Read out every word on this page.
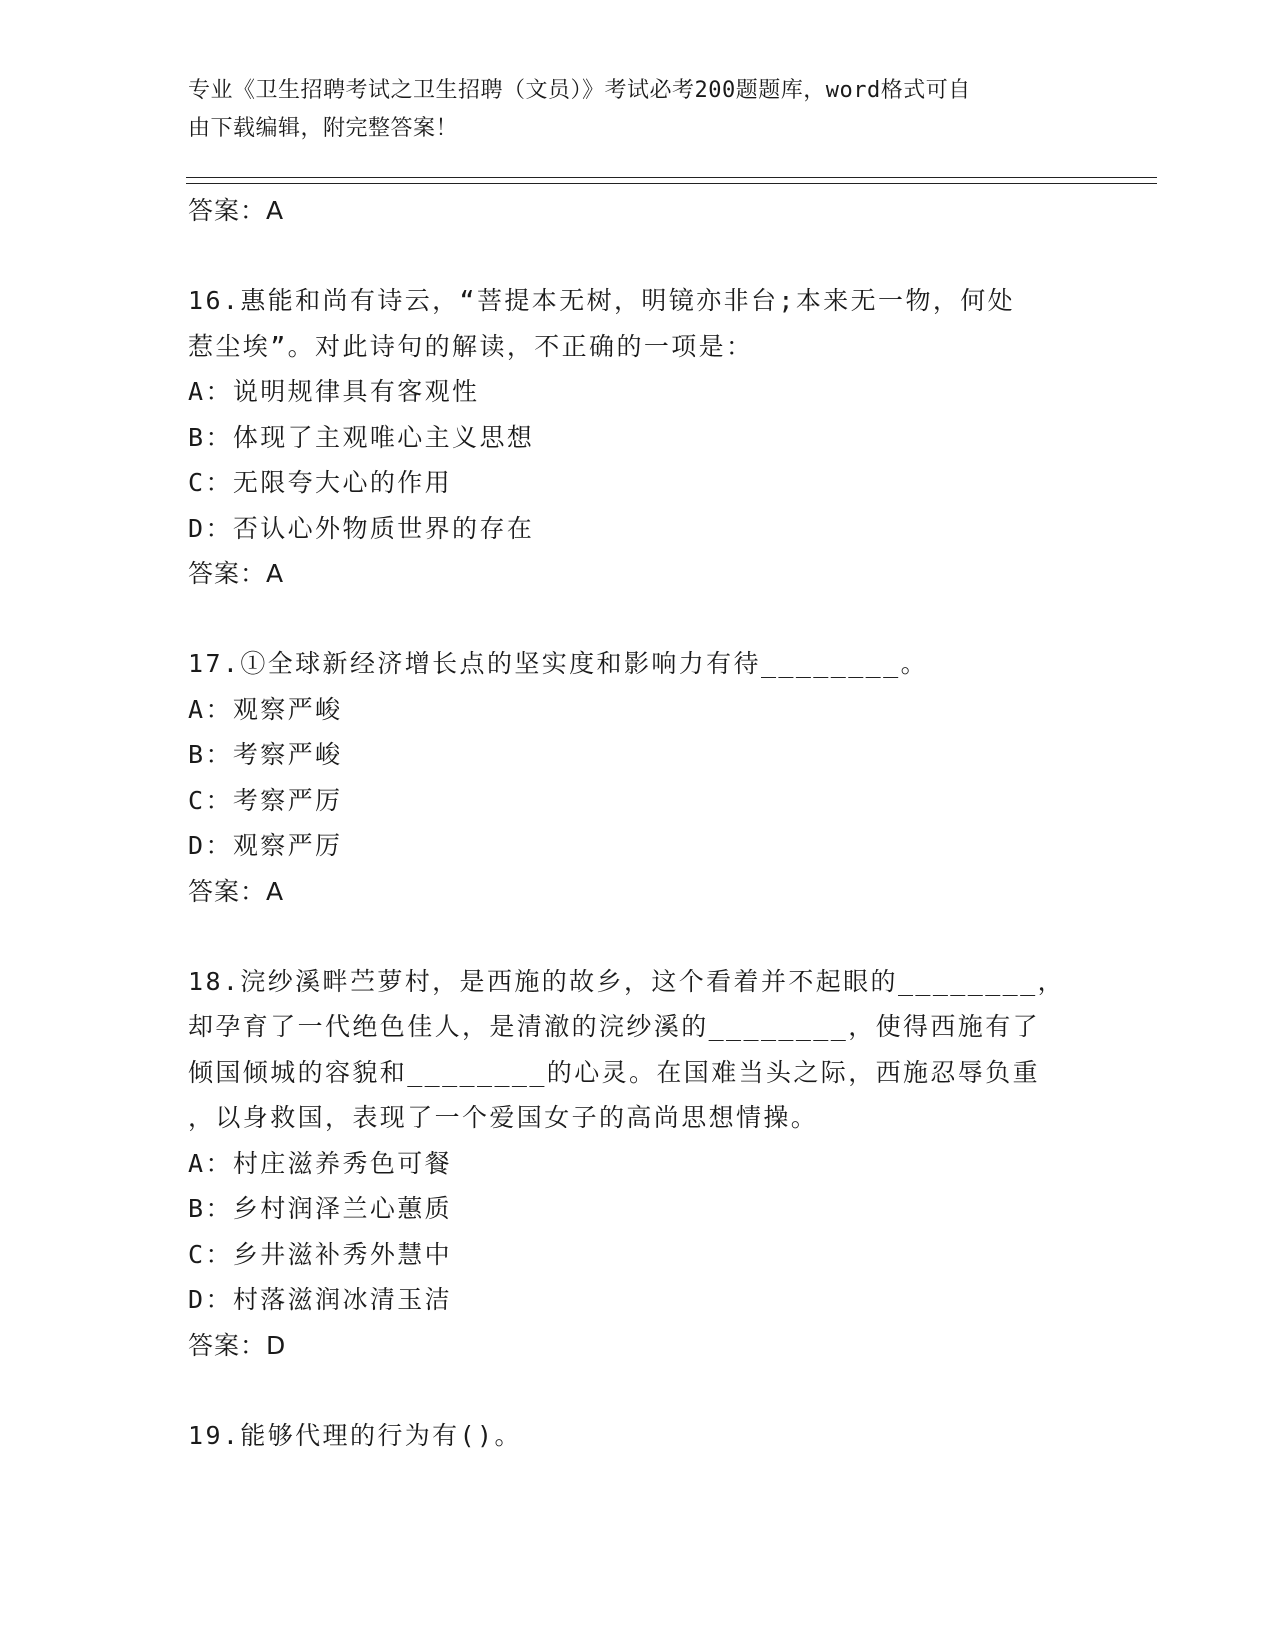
专业《卫生招聘考试之卫生招聘（文员）》考试必考200题题库，word格式可自
由下载编辑，附完整答案！
答案：A
16.惠能和尚有诗云，“菩提本无树，明镜亦非台;本来无一物，何处
惹尘埃”。对此诗句的解读，不正确的一项是：
A：说明规律具有客观性
B：体现了主观唯心主义思想
C：无限夸大心的作用
D：否认心外物质世界的存在
答案：A
17.①全球新经济增长点的坚实度和影响力有待________。
A：观察严峻
B：考察严峻
C：考察严厉
D：观察严厉
答案：A
18.浣纱溪畔苎萝村，是西施的故乡，这个看着并不起眼的________，
却孕育了一代绝色佳人，是清澈的浣纱溪的________，使得西施有了
倾国倾城的容貌和________的心灵。在国难当头之际，西施忍辱负重
，以身救国，表现了一个爱国女子的高尚思想情操。
A：村庄滋养秀色可餐
B：乡村润泽兰心蕙质
C：乡井滋补秀外慧中
D：村落滋润冰清玉洁
答案：D
19.能够代理的行为有()。
